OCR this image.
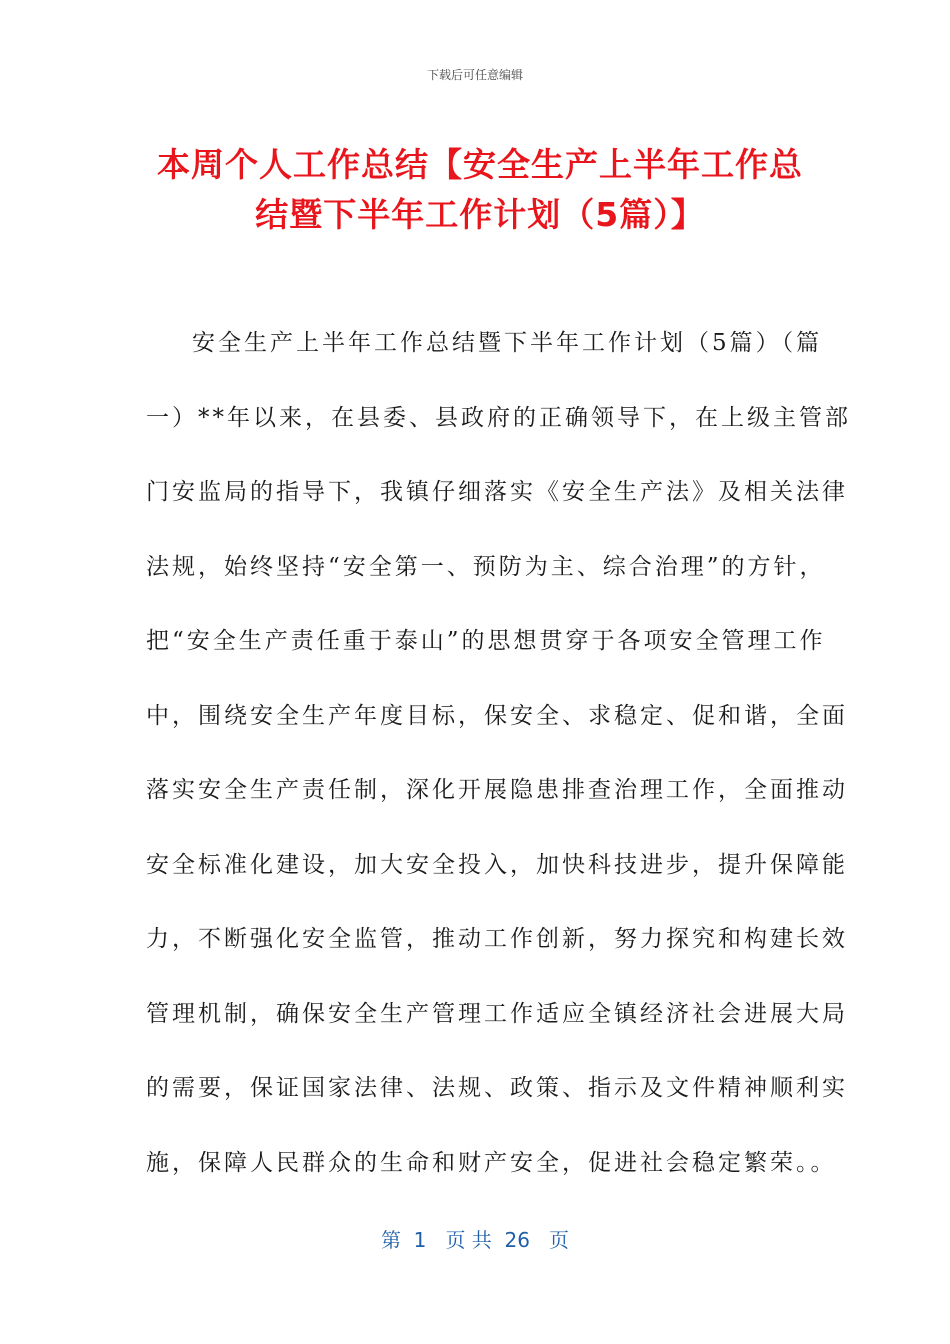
下载后可任意编辑
本周个人工作总结【安全生产上半年工作总
结暨下半年工作计划（5篇）】
安全生产上半年工作总结暨下半年工作计划（5篇）（篇
一）**年以来，在县委、县政府的正确领导下，在上级主管部
门安监局的指导下，我镇仔细落实《安全生产法》及相关法律
法规，始终坚持“安全第一、预防为主、综合治理”的方针，
把“安全生产责任重于泰山”的思想贯穿于各项安全管理工作
中，围绕安全生产年度目标，保安全、求稳定、促和谐，全面
落实安全生产责任制，深化开展隐患排查治理工作，全面推动
安全标准化建设，加大安全投入，加快科技进步，提升保障能
力，不断强化安全监管，推动工作创新，努力探究和构建长效
管理机制，确保安全生产管理工作适应全镇经济社会进展大局
的需要，保证国家法律、法规、政策、指示及文件精神顺利实
施，保障人民群众的生命和财产安全，促进社会稳定繁荣。。
第  1   页 共  26   页
